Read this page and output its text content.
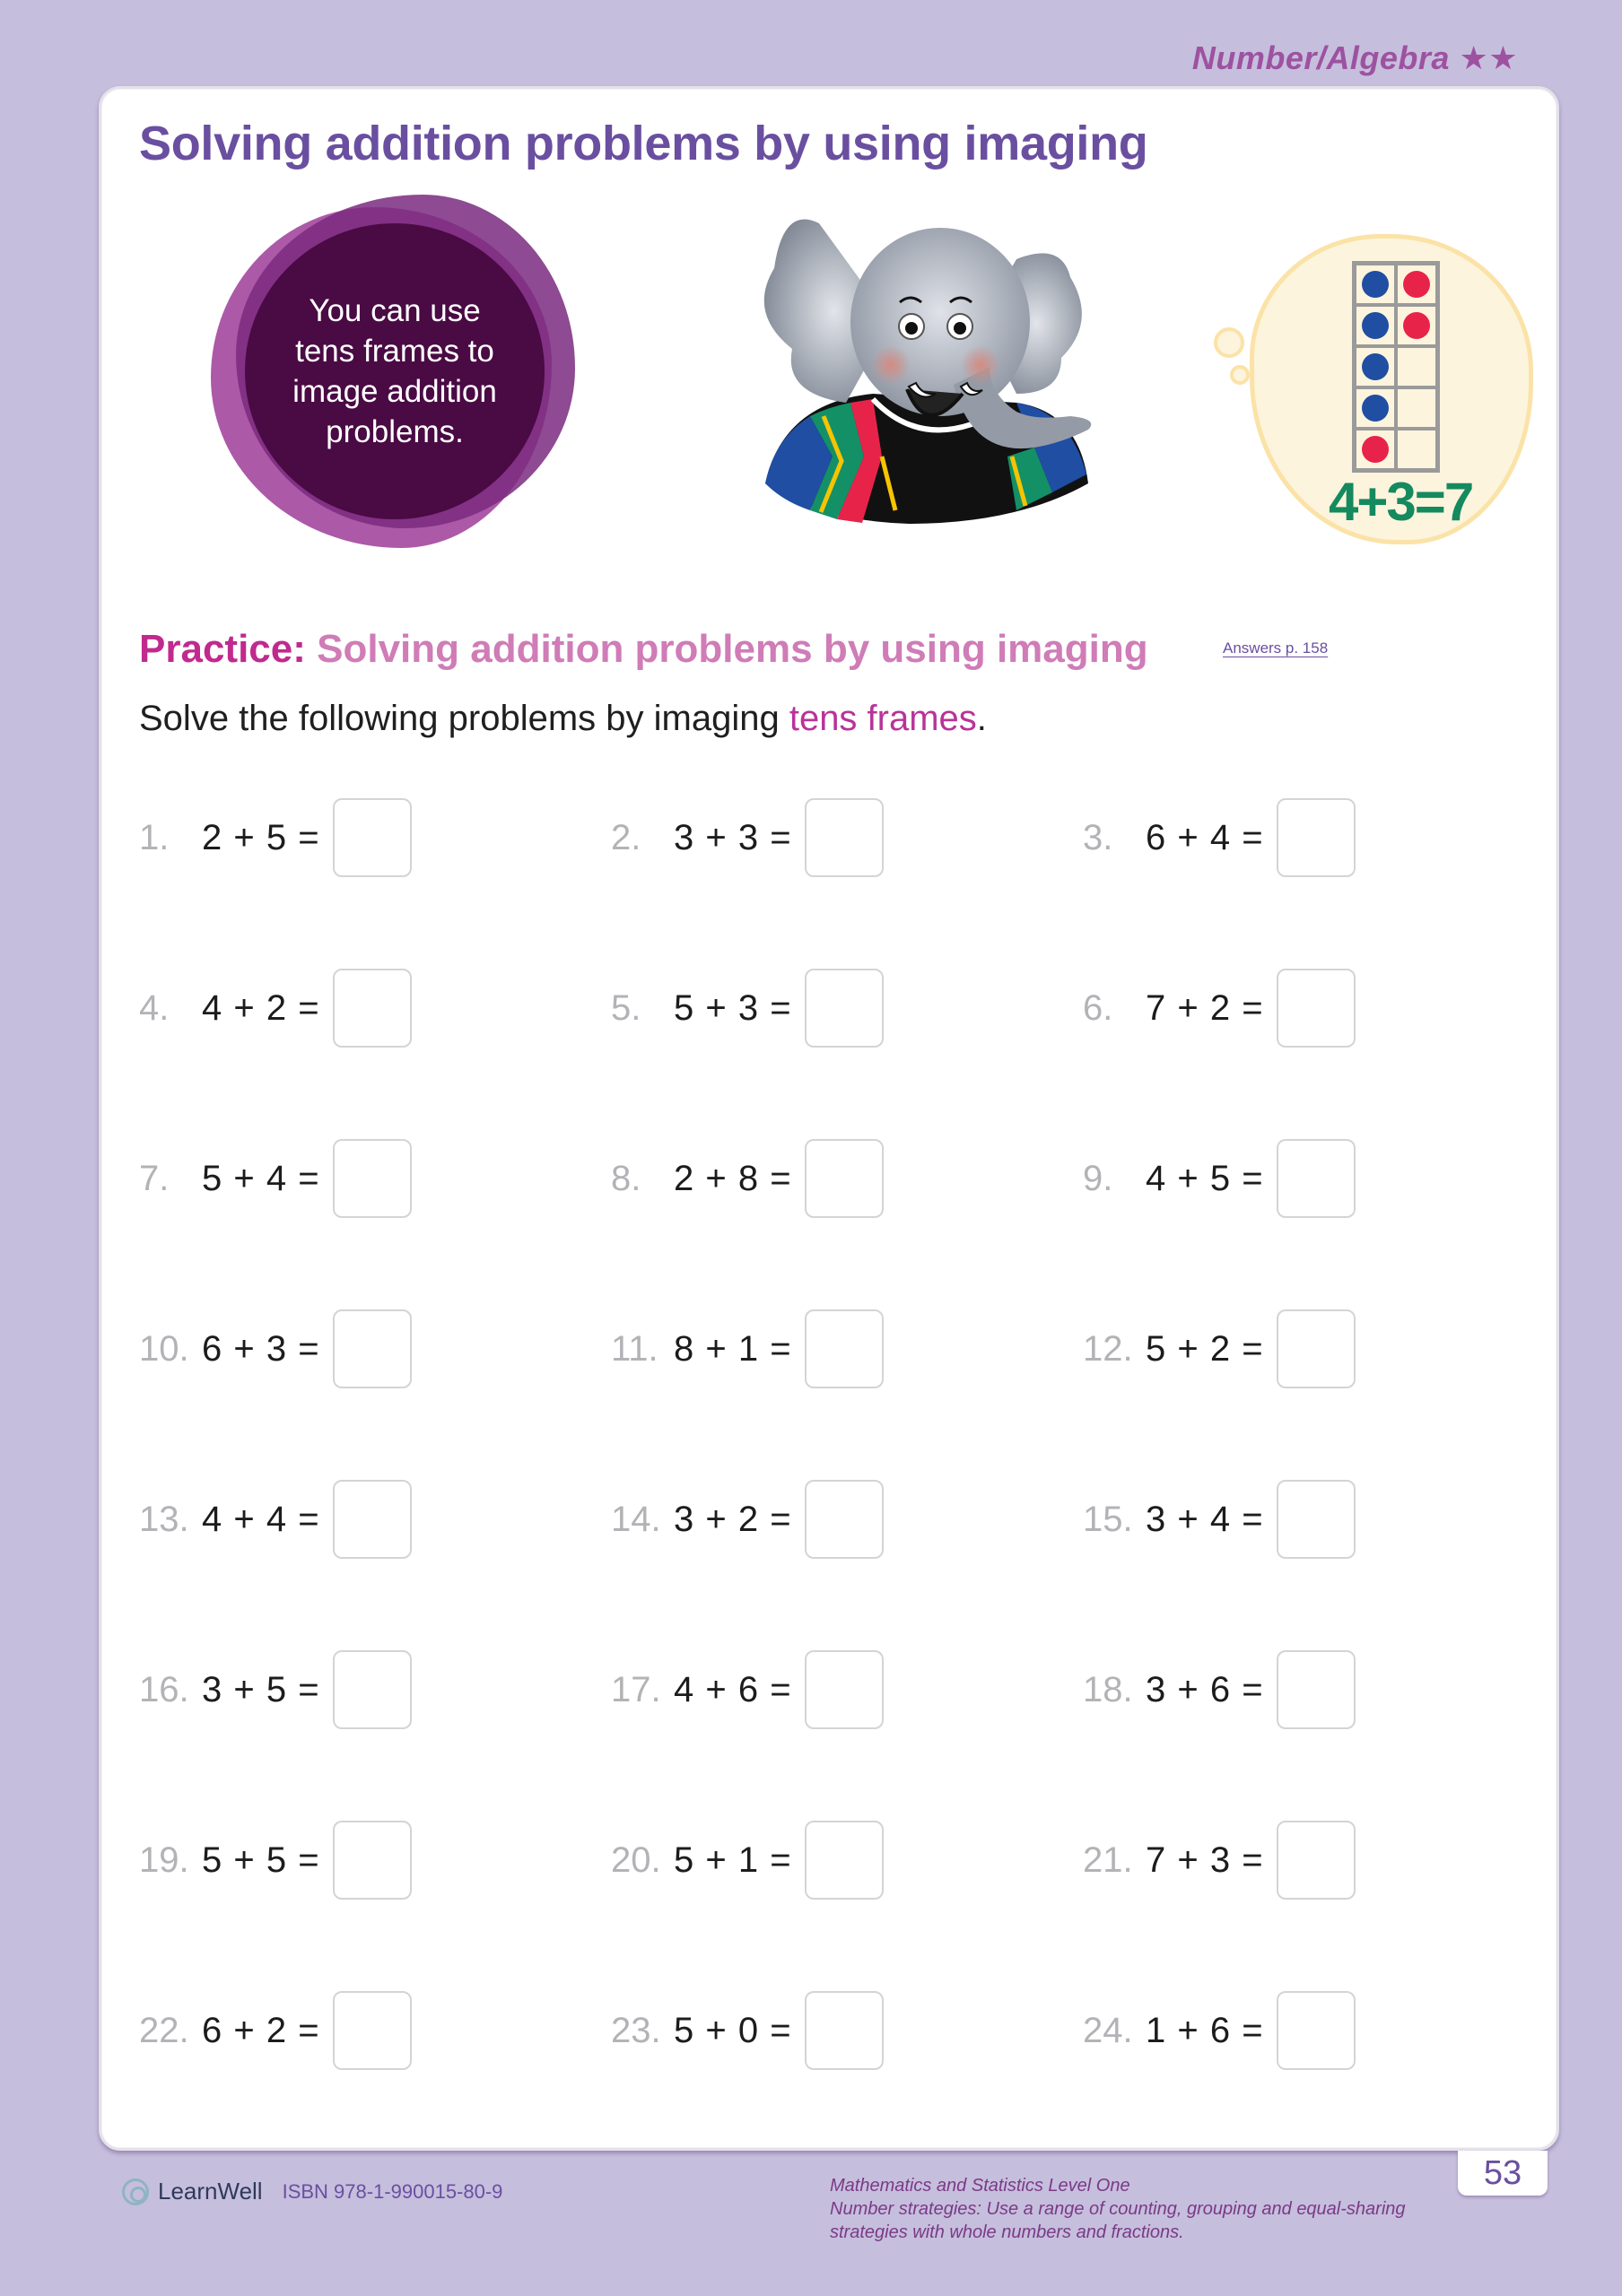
Number/Algebra ★★
Solving addition problems by using imaging
You can use
tens frames to
image addition
problems.
4+3=7
Practice: Solving addition problems by using imaging	Answers p. 158

Solve the following problems by imaging tens frames.

1. 2 + 5 =	2. 3 + 3 =	3. 6 + 4 =
4. 4 + 2 =	5. 5 + 3 =	6. 7 + 2 =
7. 5 + 4 =	8. 2 + 8 =	9. 4 + 5 =
10. 6 + 3 =	11. 8 + 1 =	12. 5 + 2 =
13. 4 + 4 =	14. 3 + 2 =	15. 3 + 4 =
16. 3 + 5 =	17. 4 + 6 =	18. 3 + 6 =
19. 5 + 5 =	20. 5 + 1 =	21. 7 + 3 =
22. 6 + 2 =	23. 5 + 0 =	24. 1 + 6 =
53
LearnWell ISBN 978-1-990015-80-9	Mathematics and Statistics Level One
Number strategies: Use a range of counting, grouping and equal-sharing strategies with whole numbers and fractions.
